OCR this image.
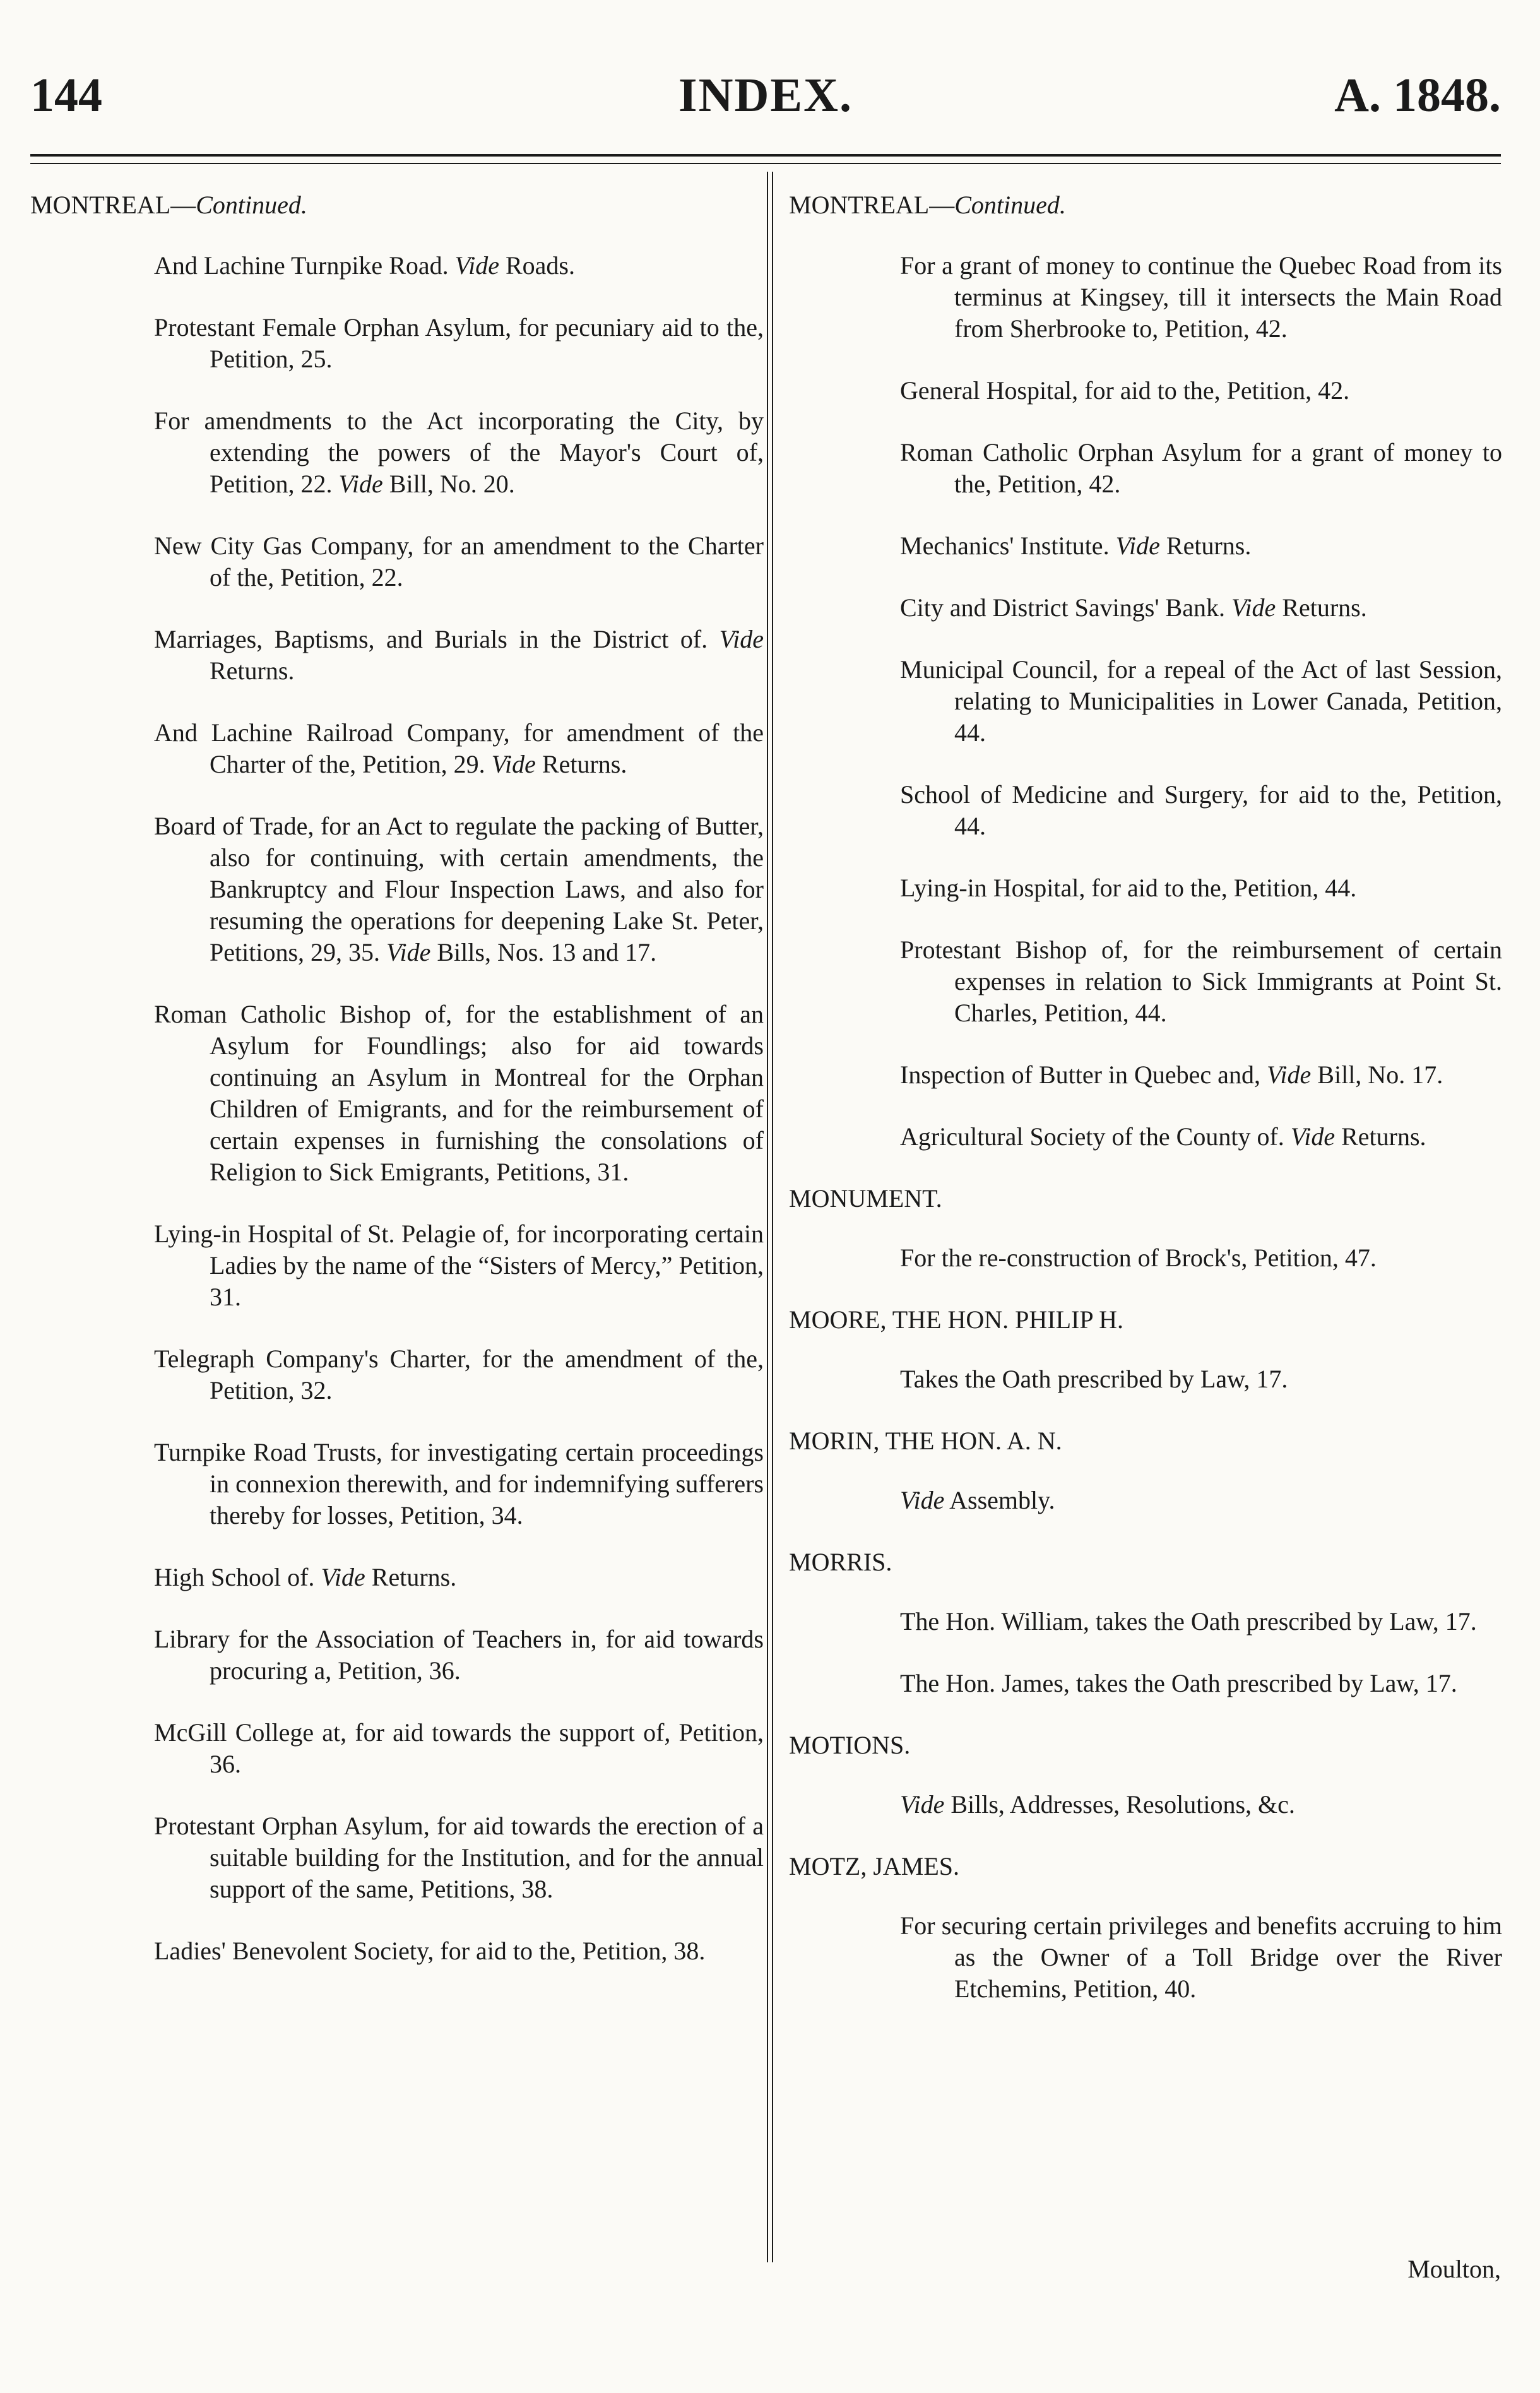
144	INDEX.	A. 1848.

MONTREAL—Continued.

And Lachine Turnpike Road. Vide Roads.

Protestant Female Orphan Asylum, for pecuniary aid to the, Petition, 25.

For amendments to the Act incorporating the City, by extending the powers of the Mayor's Court of, Petition, 22. Vide Bill, No. 20.

New City Gas Company, for an amendment to the Charter of the, Petition, 22.

Marriages, Baptisms, and Burials in the District of. Vide Returns.

And Lachine Railroad Company, for amendment of the Charter of the, Petition, 29. Vide Returns.

Board of Trade, for an Act to regulate the packing of Butter, also for continuing, with certain amendments, the Bankruptcy and Flour Inspection Laws, and also for resuming the operations for deepening Lake St. Peter, Petitions, 29, 35. Vide Bills, Nos. 13 and 17.

Roman Catholic Bishop of, for the establishment of an Asylum for Foundlings; also for aid towards continuing an Asylum in Montreal for the Orphan Children of Emigrants, and for the reimbursement of certain expenses in furnishing the consolations of Religion to Sick Emigrants, Petitions, 31.

Lying-in Hospital of St. Pelagie of, for incorporating certain Ladies by the name of the “Sisters of Mercy,” Petition, 31.

Telegraph Company's Charter, for the amendment of the, Petition, 32.

Turnpike Road Trusts, for investigating certain proceedings in connexion therewith, and for indemnifying sufferers thereby for losses, Petition, 34.

High School of. Vide Returns.

Library for the Association of Teachers in, for aid towards procuring a, Petition, 36.

McGill College at, for aid towards the support of, Petition, 36.

Protestant Orphan Asylum, for aid towards the erection of a suitable building for the Institution, and for the annual support of the same, Petitions, 38.

Ladies' Benevolent Society, for aid to the, Petition, 38.

MONTREAL—Continued.

For a grant of money to continue the Quebec Road from its terminus at Kingsey, till it intersects the Main Road from Sherbrooke to, Petition, 42.

General Hospital, for aid to the, Petition, 42.

Roman Catholic Orphan Asylum for a grant of money to the, Petition, 42.

Mechanics' Institute. Vide Returns.

City and District Savings' Bank. Vide Returns.

Municipal Council, for a repeal of the Act of last Session, relating to Municipalities in Lower Canada, Petition, 44.

School of Medicine and Surgery, for aid to the, Petition, 44.

Lying-in Hospital, for aid to the, Petition, 44.

Protestant Bishop of, for the reimbursement of certain expenses in relation to Sick Immigrants at Point St. Charles, Petition, 44.

Inspection of Butter in Quebec and, Vide Bill, No. 17.

Agricultural Society of the County of. Vide Returns.

MONUMENT.

For the re-construction of Brock's, Petition, 47.

MOORE, THE HON. PHILIP H.

Takes the Oath prescribed by Law, 17.

MORIN, THE HON. A. N.

Vide Assembly.

MORRIS.

The Hon. William, takes the Oath prescribed by Law, 17.

The Hon. James, takes the Oath prescribed by Law, 17.

MOTIONS.

Vide Bills, Addresses, Resolutions, &c.

MOTZ, JAMES.

For securing certain privileges and benefits accruing to him as the Owner of a Toll Bridge over the River Etchemins, Petition, 40.

Moulton,
